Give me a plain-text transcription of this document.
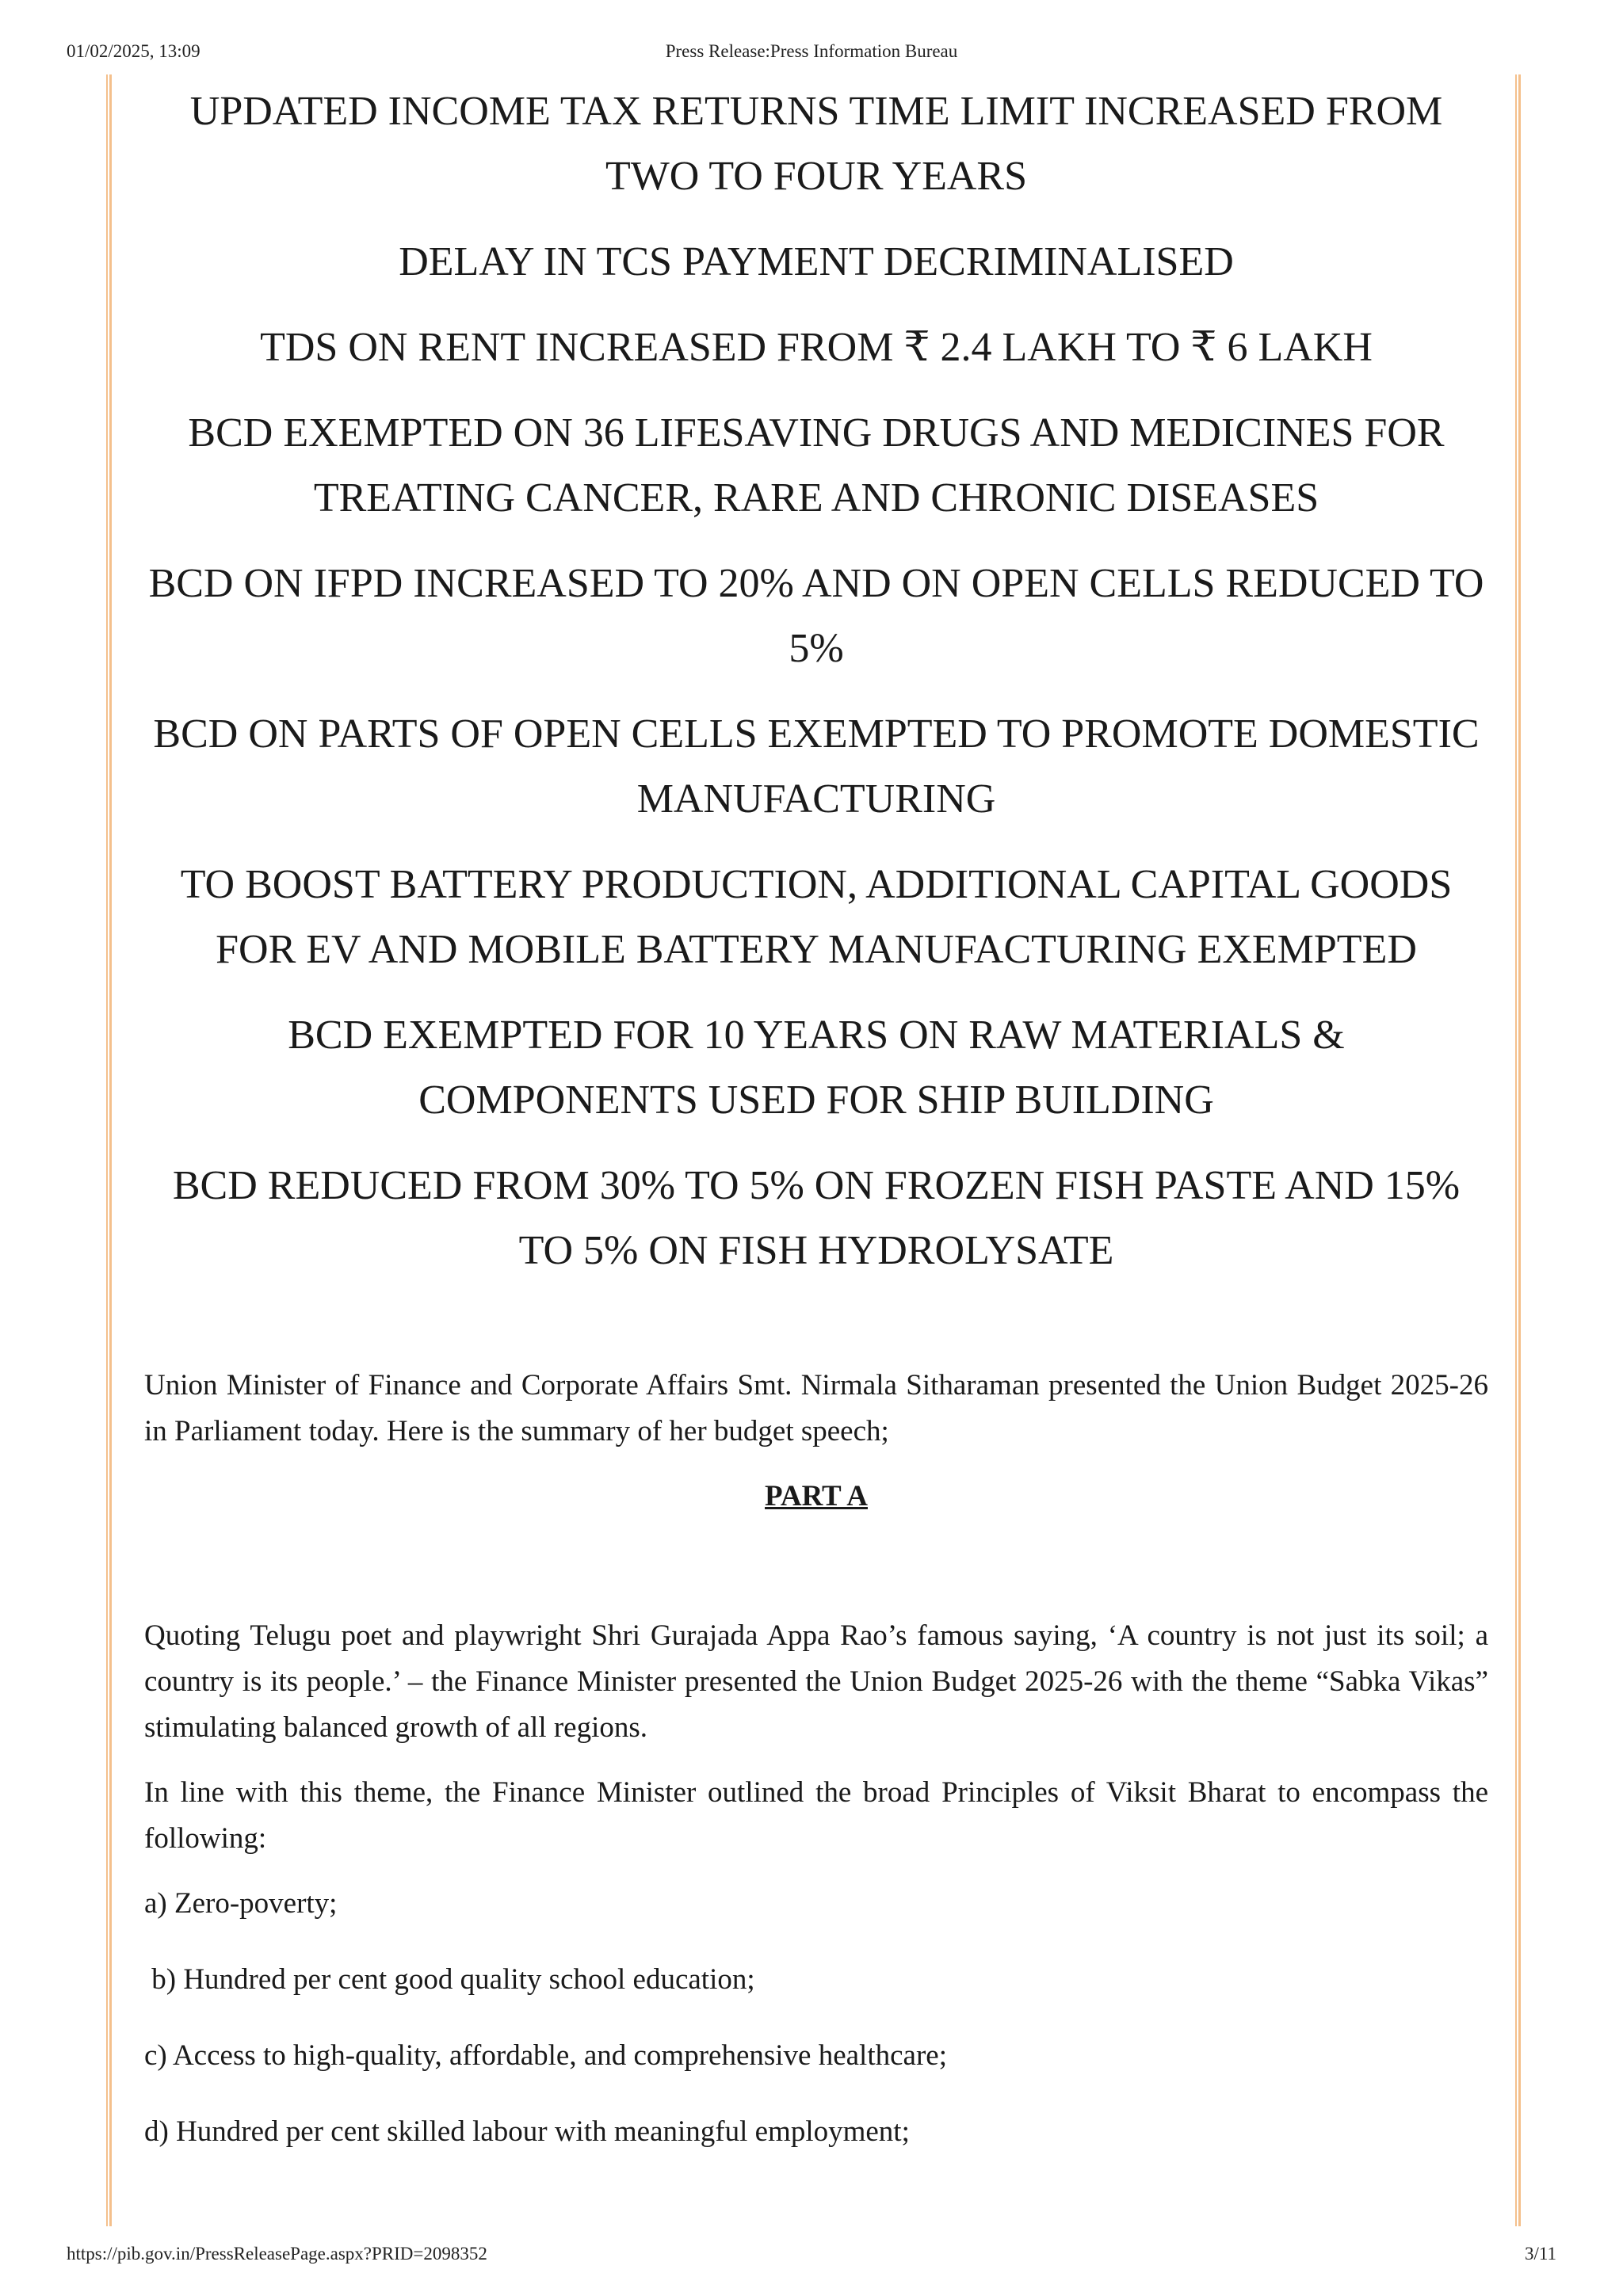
01/02/2025, 13:09	Press Release:Press Information Bureau
UPDATED INCOME TAX RETURNS TIME LIMIT INCREASED FROM TWO TO FOUR YEARS
DELAY IN TCS PAYMENT DECRIMINALISED
TDS ON RENT INCREASED FROM ₹ 2.4 LAKH TO ₹ 6 LAKH
BCD EXEMPTED ON 36 LIFESAVING DRUGS AND MEDICINES FOR TREATING CANCER, RARE AND CHRONIC DISEASES
BCD ON IFPD INCREASED TO 20% AND ON OPEN CELLS REDUCED TO 5%
BCD ON PARTS OF OPEN CELLS EXEMPTED TO PROMOTE DOMESTIC MANUFACTURING
TO BOOST BATTERY PRODUCTION, ADDITIONAL CAPITAL GOODS FOR EV AND MOBILE BATTERY MANUFACTURING EXEMPTED
BCD EXEMPTED FOR 10 YEARS ON RAW MATERIALS & COMPONENTS USED FOR SHIP BUILDING
BCD REDUCED FROM 30% TO 5% ON FROZEN FISH PASTE AND 15% TO 5% ON FISH HYDROLYSATE

Union Minister of Finance and Corporate Affairs Smt. Nirmala Sitharaman presented the Union Budget 2025-26 in Parliament today. Here is the summary of her budget speech;

PART A

Quoting Telugu poet and playwright Shri Gurajada Appa Rao’s famous saying, ‘A country is not just its soil; a country is its people.’ – the Finance Minister presented the Union Budget 2025-26 with the theme “Sabka Vikas” stimulating balanced growth of all regions.

In line with this theme, the Finance Minister outlined the broad Principles of Viksit Bharat to encompass the following:

a) Zero-poverty;
b) Hundred per cent good quality school education;
c) Access to high-quality, affordable, and comprehensive healthcare;
d) Hundred per cent skilled labour with meaningful employment;
https://pib.gov.in/PressReleasePage.aspx?PRID=2098352	3/11
